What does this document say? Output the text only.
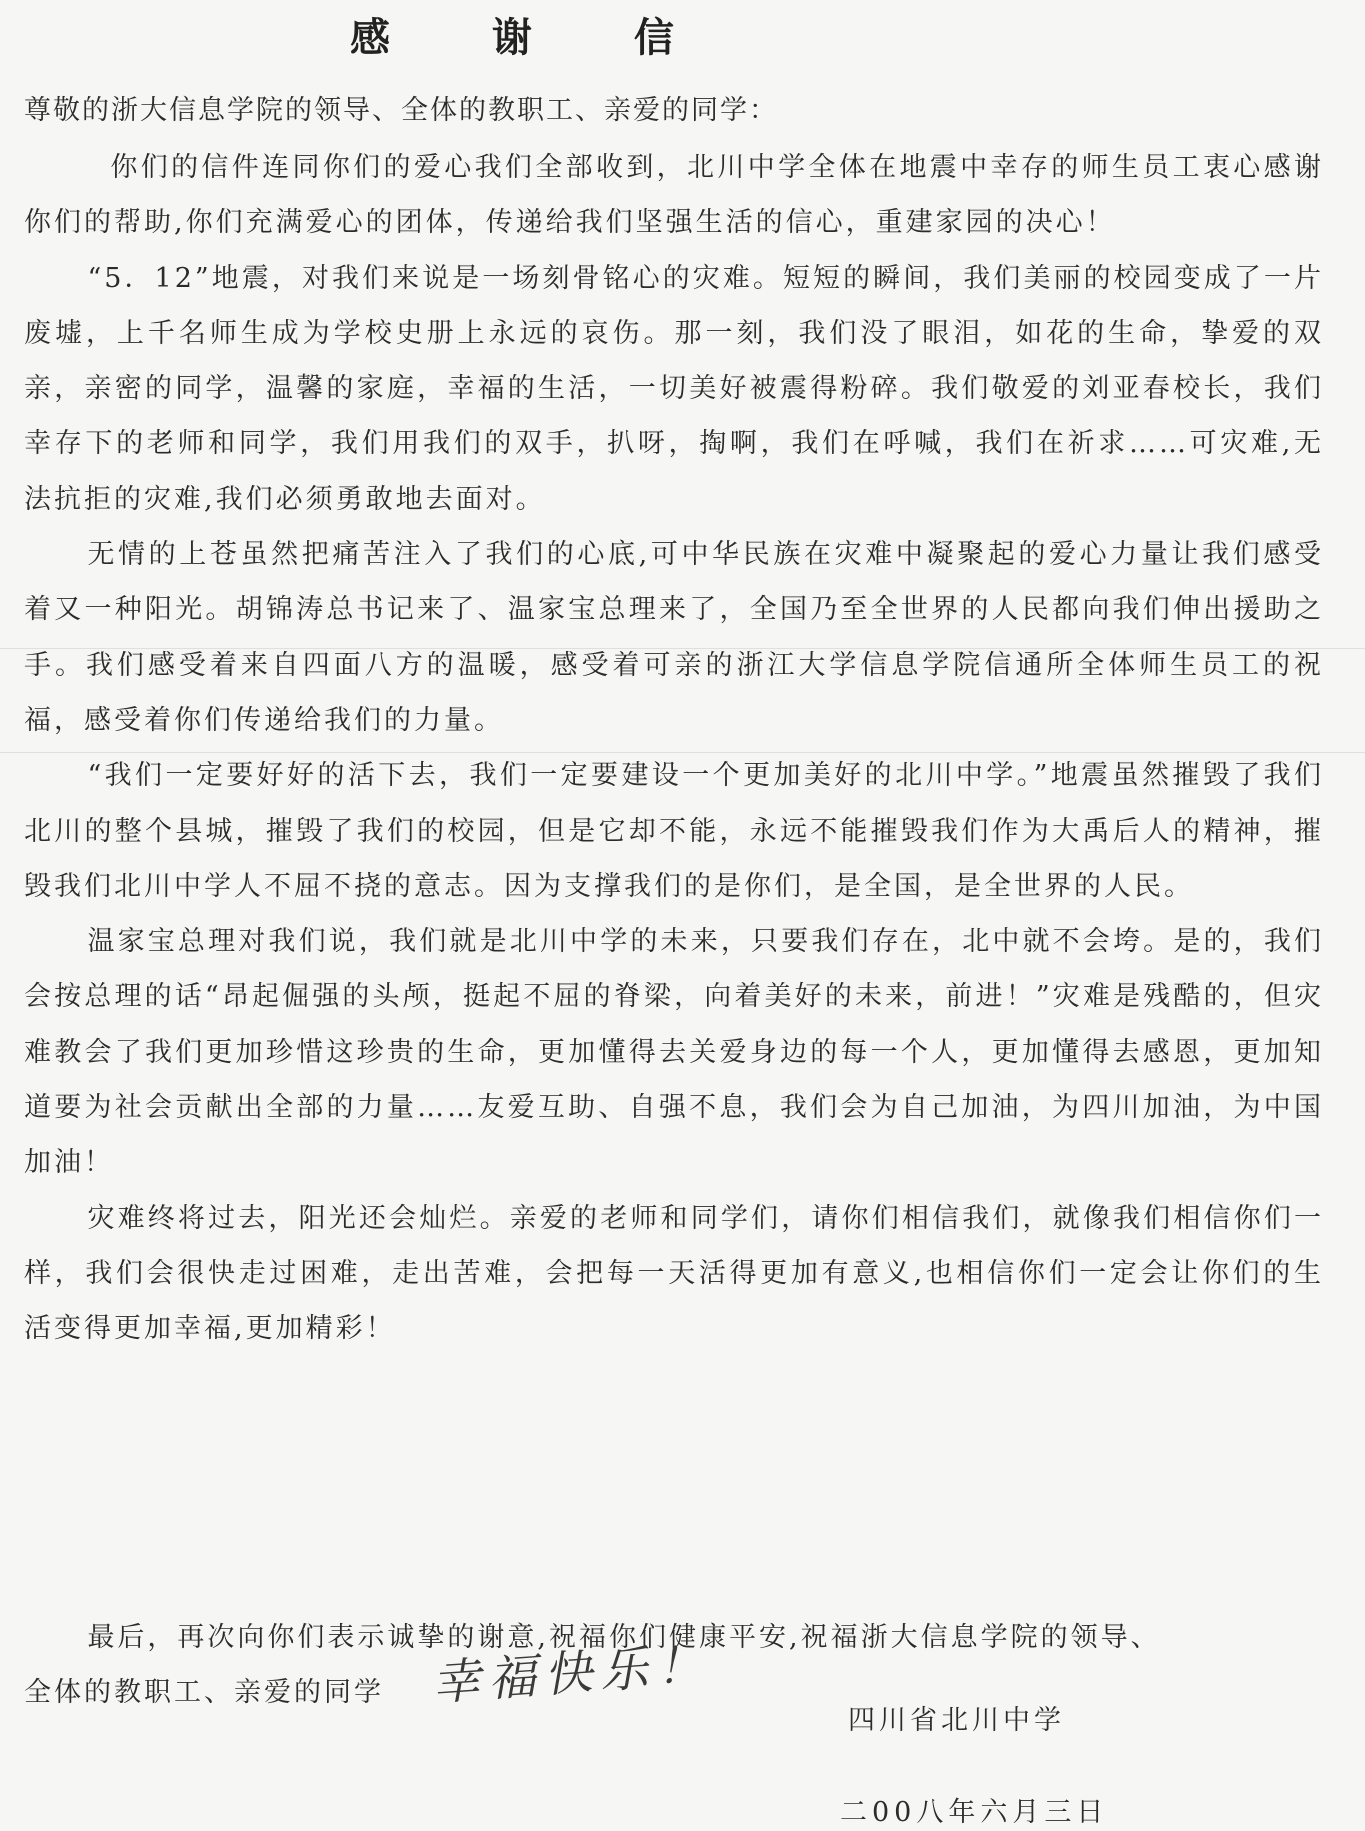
感 谢 信
尊敬的浙大信息学院的领导、全体的教职工、亲爱的同学：

你们的信件连同你们的爱心我们全部收到，北川中学全体在地震中幸存的师生员工衷心感谢你们的帮助,你们充满爱心的团体，传递给我们坚强生活的信心，重建家园的决心！

“5．12”地震，对我们来说是一场刻骨铭心的灾难。短短的瞬间，我们美丽的校园变成了一片废墟，上千名师生成为学校史册上永远的哀伤。那一刻，我们没了眼泪，如花的生命，挚爱的双亲，亲密的同学，温馨的家庭，幸福的生活，一切美好被震得粉碎。我们敬爱的刘亚春校长，我们幸存下的老师和同学，我们用我们的双手，扒呀，掏啊，我们在呼喊，我们在祈求……可灾难,无法抗拒的灾难,我们必须勇敢地去面对。

无情的上苍虽然把痛苦注入了我们的心底,可中华民族在灾难中凝聚起的爱心力量让我们感受着又一种阳光。胡锦涛总书记来了、温家宝总理来了，全国乃至全世界的人民都向我们伸出援助之手。我们感受着来自四面八方的温暖，感受着可亲的浙江大学信息学院信通所全体师生员工的祝福，感受着你们传递给我们的力量。

“我们一定要好好的活下去，我们一定要建设一个更加美好的北川中学。”地震虽然摧毁了我们北川的整个县城，摧毁了我们的校园，但是它却不能，永远不能摧毁我们作为大禹后人的精神，摧毁我们北川中学人不屈不挠的意志。因为支撑我们的是你们，是全国，是全世界的人民。

温家宝总理对我们说，我们就是北川中学的未来，只要我们存在，北中就不会垮。是的，我们会按总理的话“昂起倔强的头颅，挺起不屈的脊梁，向着美好的未来，前进！”灾难是残酷的，但灾难教会了我们更加珍惜这珍贵的生命，更加懂得去关爱身边的每一个人，更加懂得去感恩，更加知道要为社会贡献出全部的力量……友爱互助、自强不息，我们会为自己加油，为四川加油，为中国加油！

灾难终将过去，阳光还会灿烂。亲爱的老师和同学们，请你们相信我们，就像我们相信你们一样，我们会很快走过困难，走出苦难，会把每一天活得更加有意义,也相信你们一定会让你们的生活变得更加幸福,更加精彩！

最后，再次向你们表示诚挚的谢意,祝福你们健康平安,祝福浙大信息学院的领导、
全体的教职工、亲爱的同学 幸福快乐！
四川省北川中学
二00八年六月三日
